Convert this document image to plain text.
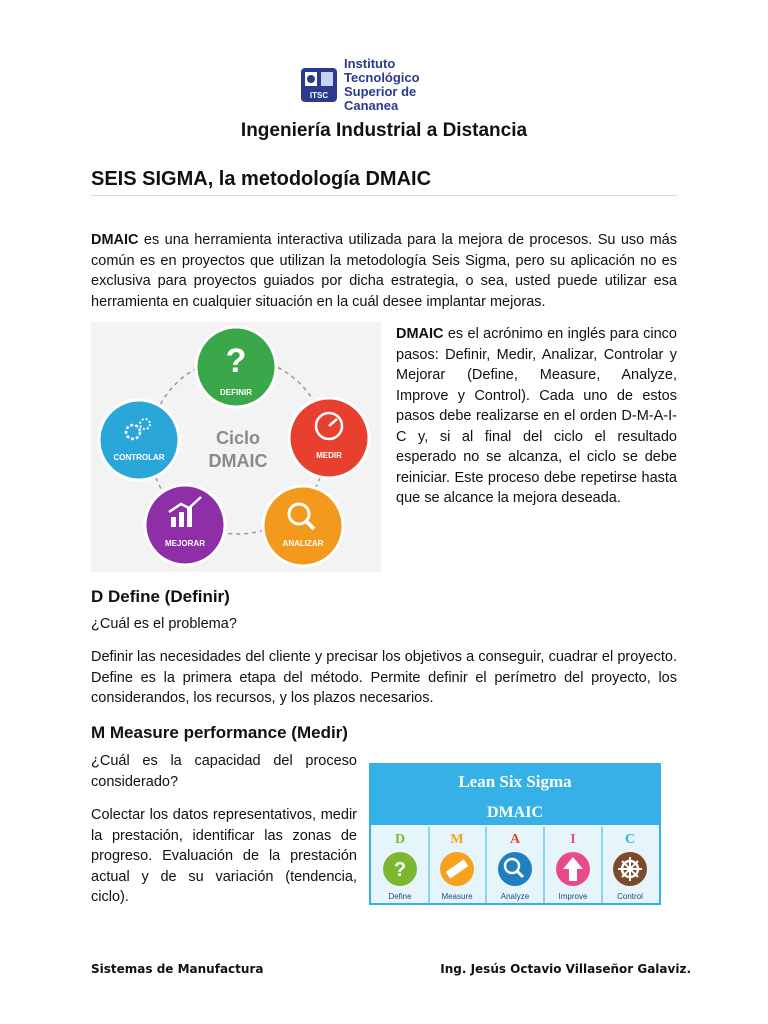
ITSC
Instituto Tecnológico
Superior de Cananea
Ingeniería Industrial a Distancia
SEIS SIGMA, la metodología DMAIC
DMAIC es una herramienta interactiva utilizada para la mejora de procesos. Su uso más común es en proyectos que utilizan la metodología Seis Sigma, pero su aplicación no es exclusiva para proyectos guiados por dicha estrategia, o sea, usted puede utilizar esa herramienta en cualquier situación en la cuál desee implantar mejoras.
Ciclo
DMAIC
?
DEFINIR
MEDIR
ANALIZAR
MEJORAR
CONTROLAR
DMAIC es el acrónimo en inglés para cinco pasos: Definir, Medir, Analizar, Controlar y Mejorar (Define, Measure, Analyze, Improve y Control). Cada uno de estos pasos debe realizarse en el orden D-M-A-I-C y, si al final del ciclo el resultado esperado no se alcanza, el ciclo se debe reiniciar. Este proceso debe repetirse hasta que se alcance la mejora deseada.
D Define (Definir)
¿Cuál es el problema?
Definir las necesidades del cliente y precisar los objetivos a conseguir, cuadrar el proyecto. Define es la primera etapa del método. Permite definir el perímetro del proyecto, los considerandos, los recursos, y los plazos necesarios.
M Measure performance (Medir)
¿Cuál es la capacidad del proceso considerado?
Colectar los datos representativos, medir la prestación, identificar las zonas de progreso. Evaluación de la prestación actual y de su variación (tendencia, ciclo).
Lean Six Sigma
DMAIC
D
?
Define
M
Measure
A
Analyze
I
Improve
C
Control
Sistemas de Manufactura	Ing. Jesús Octavio Villaseñor Galaviz.
